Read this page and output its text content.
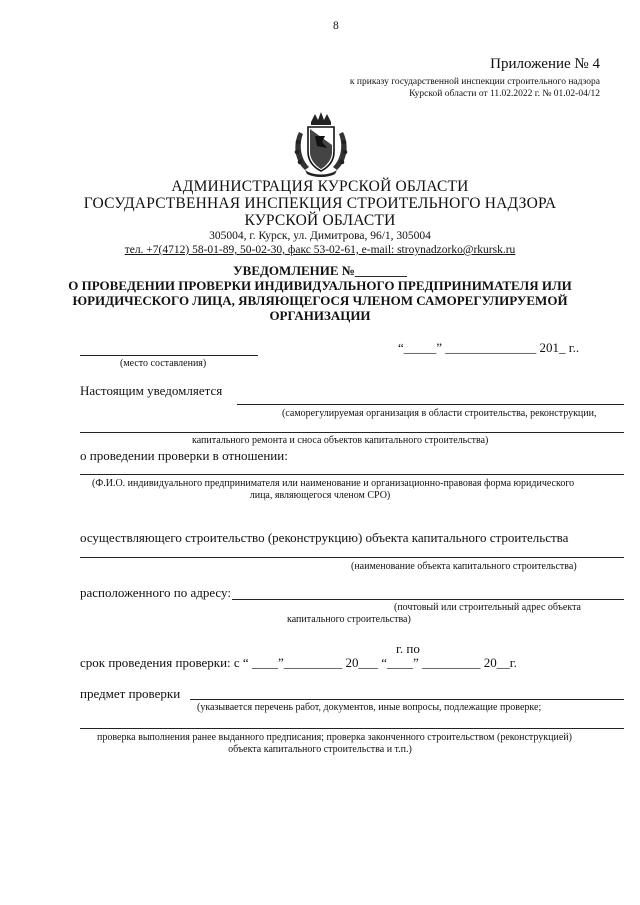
8
Приложение № 4
к приказу государственной инспекции строительного надзора
Курской области от 11.02.2022 г. № 01.02-04/12
АДМИНИСТРАЦИЯ КУРСКОЙ ОБЛАСТИ
ГОСУДАРСТВЕННАЯ ИНСПЕКЦИЯ СТРОИТЕЛЬНОГО НАДЗОРА
КУРСКОЙ ОБЛАСТИ
305004, г. Курск, ул. Димитрова, 96/1, 305004
тел. +7(4712) 58-01-89, 50-02-30, факс 53-02-61, e-mail: stroynadzorko@rkursk.ru
УВЕДОМЛЕНИЕ №________
О ПРОВЕДЕНИИ ПРОВЕРКИ ИНДИВИДУАЛЬНОГО ПРЕДПРИНИМАТЕЛЯ ИЛИ
ЮРИДИЧЕСКОГО ЛИЦА, ЯВЛЯЮЩЕГОСЯ ЧЛЕНОМ САМОРЕГУЛИРУЕМОЙ
ОРГАНИЗАЦИИ
“_____” ______________ 201_ г..
(место составления)
Настоящим уведомляется
(саморегулируемая организация в области строительства, реконструкции,
капитального ремонта и сноса объектов капитального строительства)
о проведении проверки в отношении:
(Ф.И.О. индивидуального предпринимателя или наименование и организационно-правовая форма юридического
лица, являющегося членом СРО)
осуществляющего строительство (реконструкцию) объекта капитального строительства
(наименование объекта капитального строительства)
расположенного по адресу:
(почтовый или строительный адрес объекта
капитального строительства)
г. по
срок проведения проверки: с “ ____”_________ 20___ “____” _________ 20__г.
предмет проверки
(указывается перечень работ, документов, иные вопросы, подлежащие проверке;
проверка выполнения ранее выданного предписания; проверка законченного строительством (реконструкцией)
объекта капитального строительства и т.п.)
